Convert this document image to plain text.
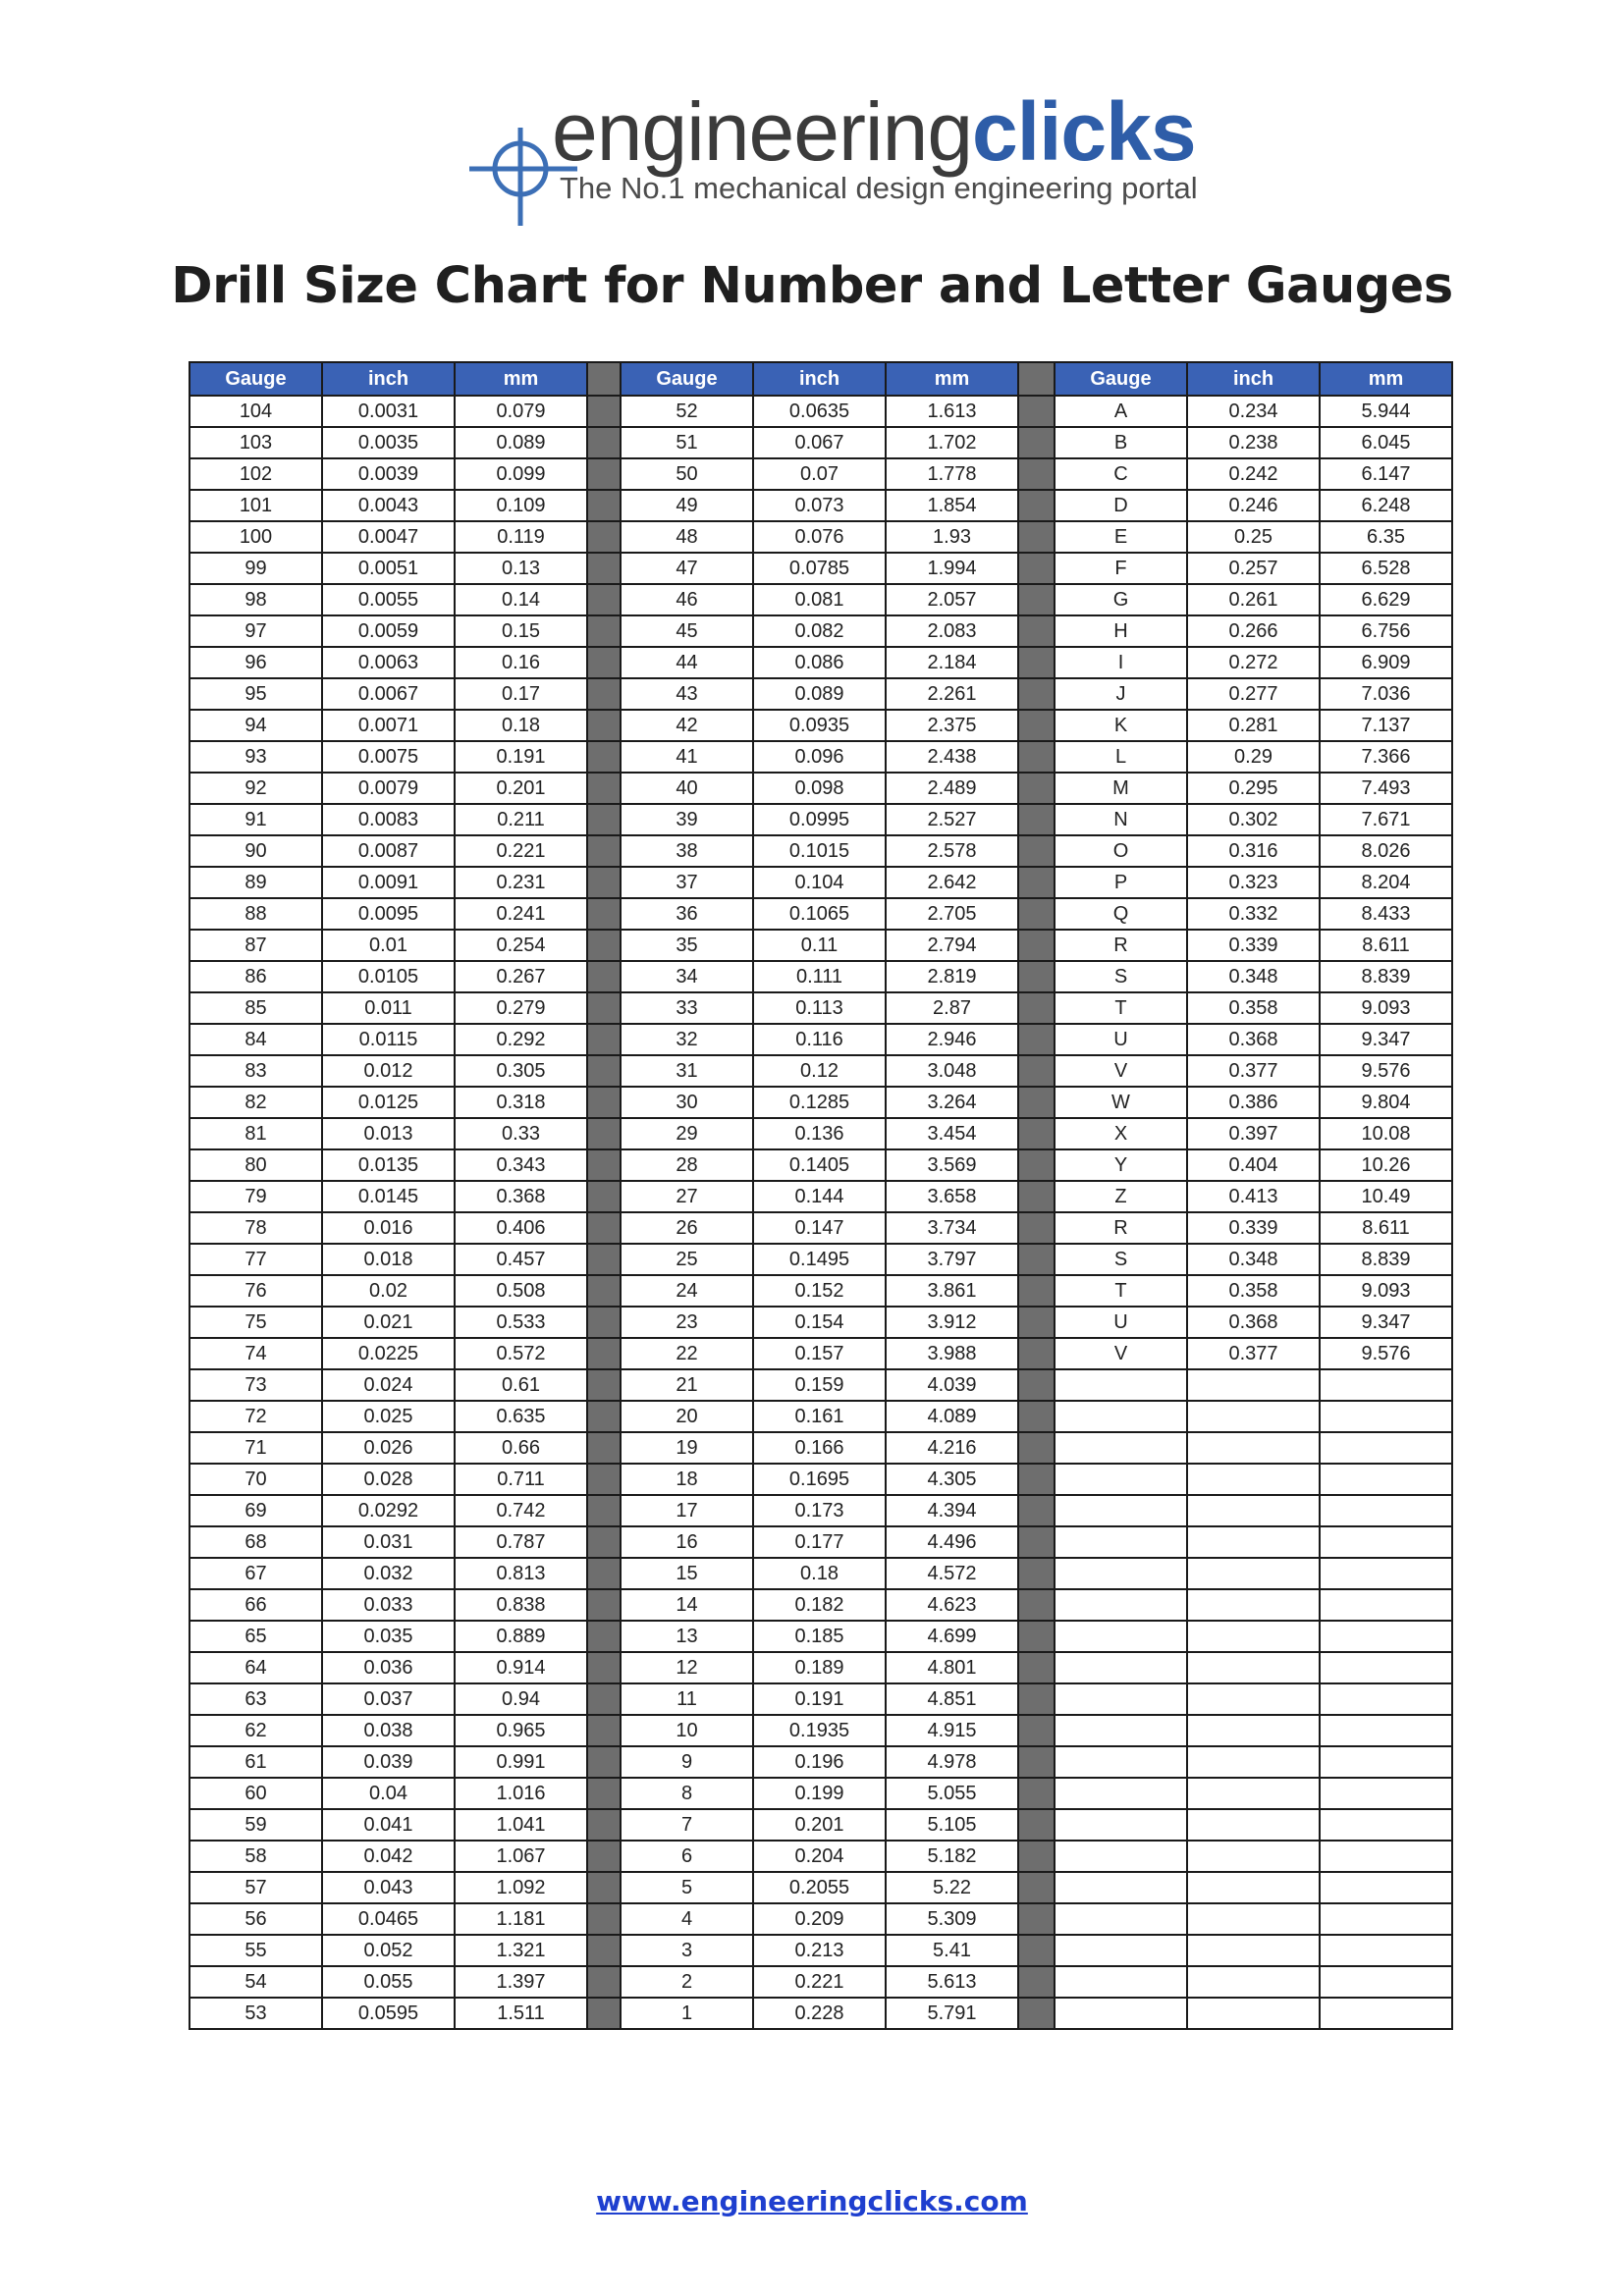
engineeringclicks
The No.1 mechanical design engineering portal
Drill Size Chart for Number and Letter Gauges
Gauge	inch	mm		Gauge	inch	mm		Gauge	inch	mm
104	0.0031	0.079		52	0.0635	1.613		A	0.234	5.944
103	0.0035	0.089		51	0.067	1.702		B	0.238	6.045
102	0.0039	0.099		50	0.07	1.778		C	0.242	6.147
101	0.0043	0.109		49	0.073	1.854		D	0.246	6.248
100	0.0047	0.119		48	0.076	1.93		E	0.25	6.35
99	0.0051	0.13		47	0.0785	1.994		F	0.257	6.528
98	0.0055	0.14		46	0.081	2.057		G	0.261	6.629
97	0.0059	0.15		45	0.082	2.083		H	0.266	6.756
96	0.0063	0.16		44	0.086	2.184		I	0.272	6.909
95	0.0067	0.17		43	0.089	2.261		J	0.277	7.036
94	0.0071	0.18		42	0.0935	2.375		K	0.281	7.137
93	0.0075	0.191		41	0.096	2.438		L	0.29	7.366
92	0.0079	0.201		40	0.098	2.489		M	0.295	7.493
91	0.0083	0.211		39	0.0995	2.527		N	0.302	7.671
90	0.0087	0.221		38	0.1015	2.578		O	0.316	8.026
89	0.0091	0.231		37	0.104	2.642		P	0.323	8.204
88	0.0095	0.241		36	0.1065	2.705		Q	0.332	8.433
87	0.01	0.254		35	0.11	2.794		R	0.339	8.611
86	0.0105	0.267		34	0.111	2.819		S	0.348	8.839
85	0.011	0.279		33	0.113	2.87		T	0.358	9.093
84	0.0115	0.292		32	0.116	2.946		U	0.368	9.347
83	0.012	0.305		31	0.12	3.048		V	0.377	9.576
82	0.0125	0.318		30	0.1285	3.264		W	0.386	9.804
81	0.013	0.33		29	0.136	3.454		X	0.397	10.08
80	0.0135	0.343		28	0.1405	3.569		Y	0.404	10.26
79	0.0145	0.368		27	0.144	3.658		Z	0.413	10.49
78	0.016	0.406		26	0.147	3.734		R	0.339	8.611
77	0.018	0.457		25	0.1495	3.797		S	0.348	8.839
76	0.02	0.508		24	0.152	3.861		T	0.358	9.093
75	0.021	0.533		23	0.154	3.912		U	0.368	9.347
74	0.0225	0.572		22	0.157	3.988		V	0.377	9.576
73	0.024	0.61		21	0.159	4.039				
72	0.025	0.635		20	0.161	4.089				
71	0.026	0.66		19	0.166	4.216				
70	0.028	0.711		18	0.1695	4.305				
69	0.0292	0.742		17	0.173	4.394				
68	0.031	0.787		16	0.177	4.496				
67	0.032	0.813		15	0.18	4.572				
66	0.033	0.838		14	0.182	4.623				
65	0.035	0.889		13	0.185	4.699				
64	0.036	0.914		12	0.189	4.801				
63	0.037	0.94		11	0.191	4.851				
62	0.038	0.965		10	0.1935	4.915				
61	0.039	0.991		9	0.196	4.978				
60	0.04	1.016		8	0.199	5.055				
59	0.041	1.041		7	0.201	5.105				
58	0.042	1.067		6	0.204	5.182				
57	0.043	1.092		5	0.2055	5.22				
56	0.0465	1.181		4	0.209	5.309				
55	0.052	1.321		3	0.213	5.41				
54	0.055	1.397		2	0.221	5.613				
53	0.0595	1.511		1	0.228	5.791				
www.engineeringclicks.com
